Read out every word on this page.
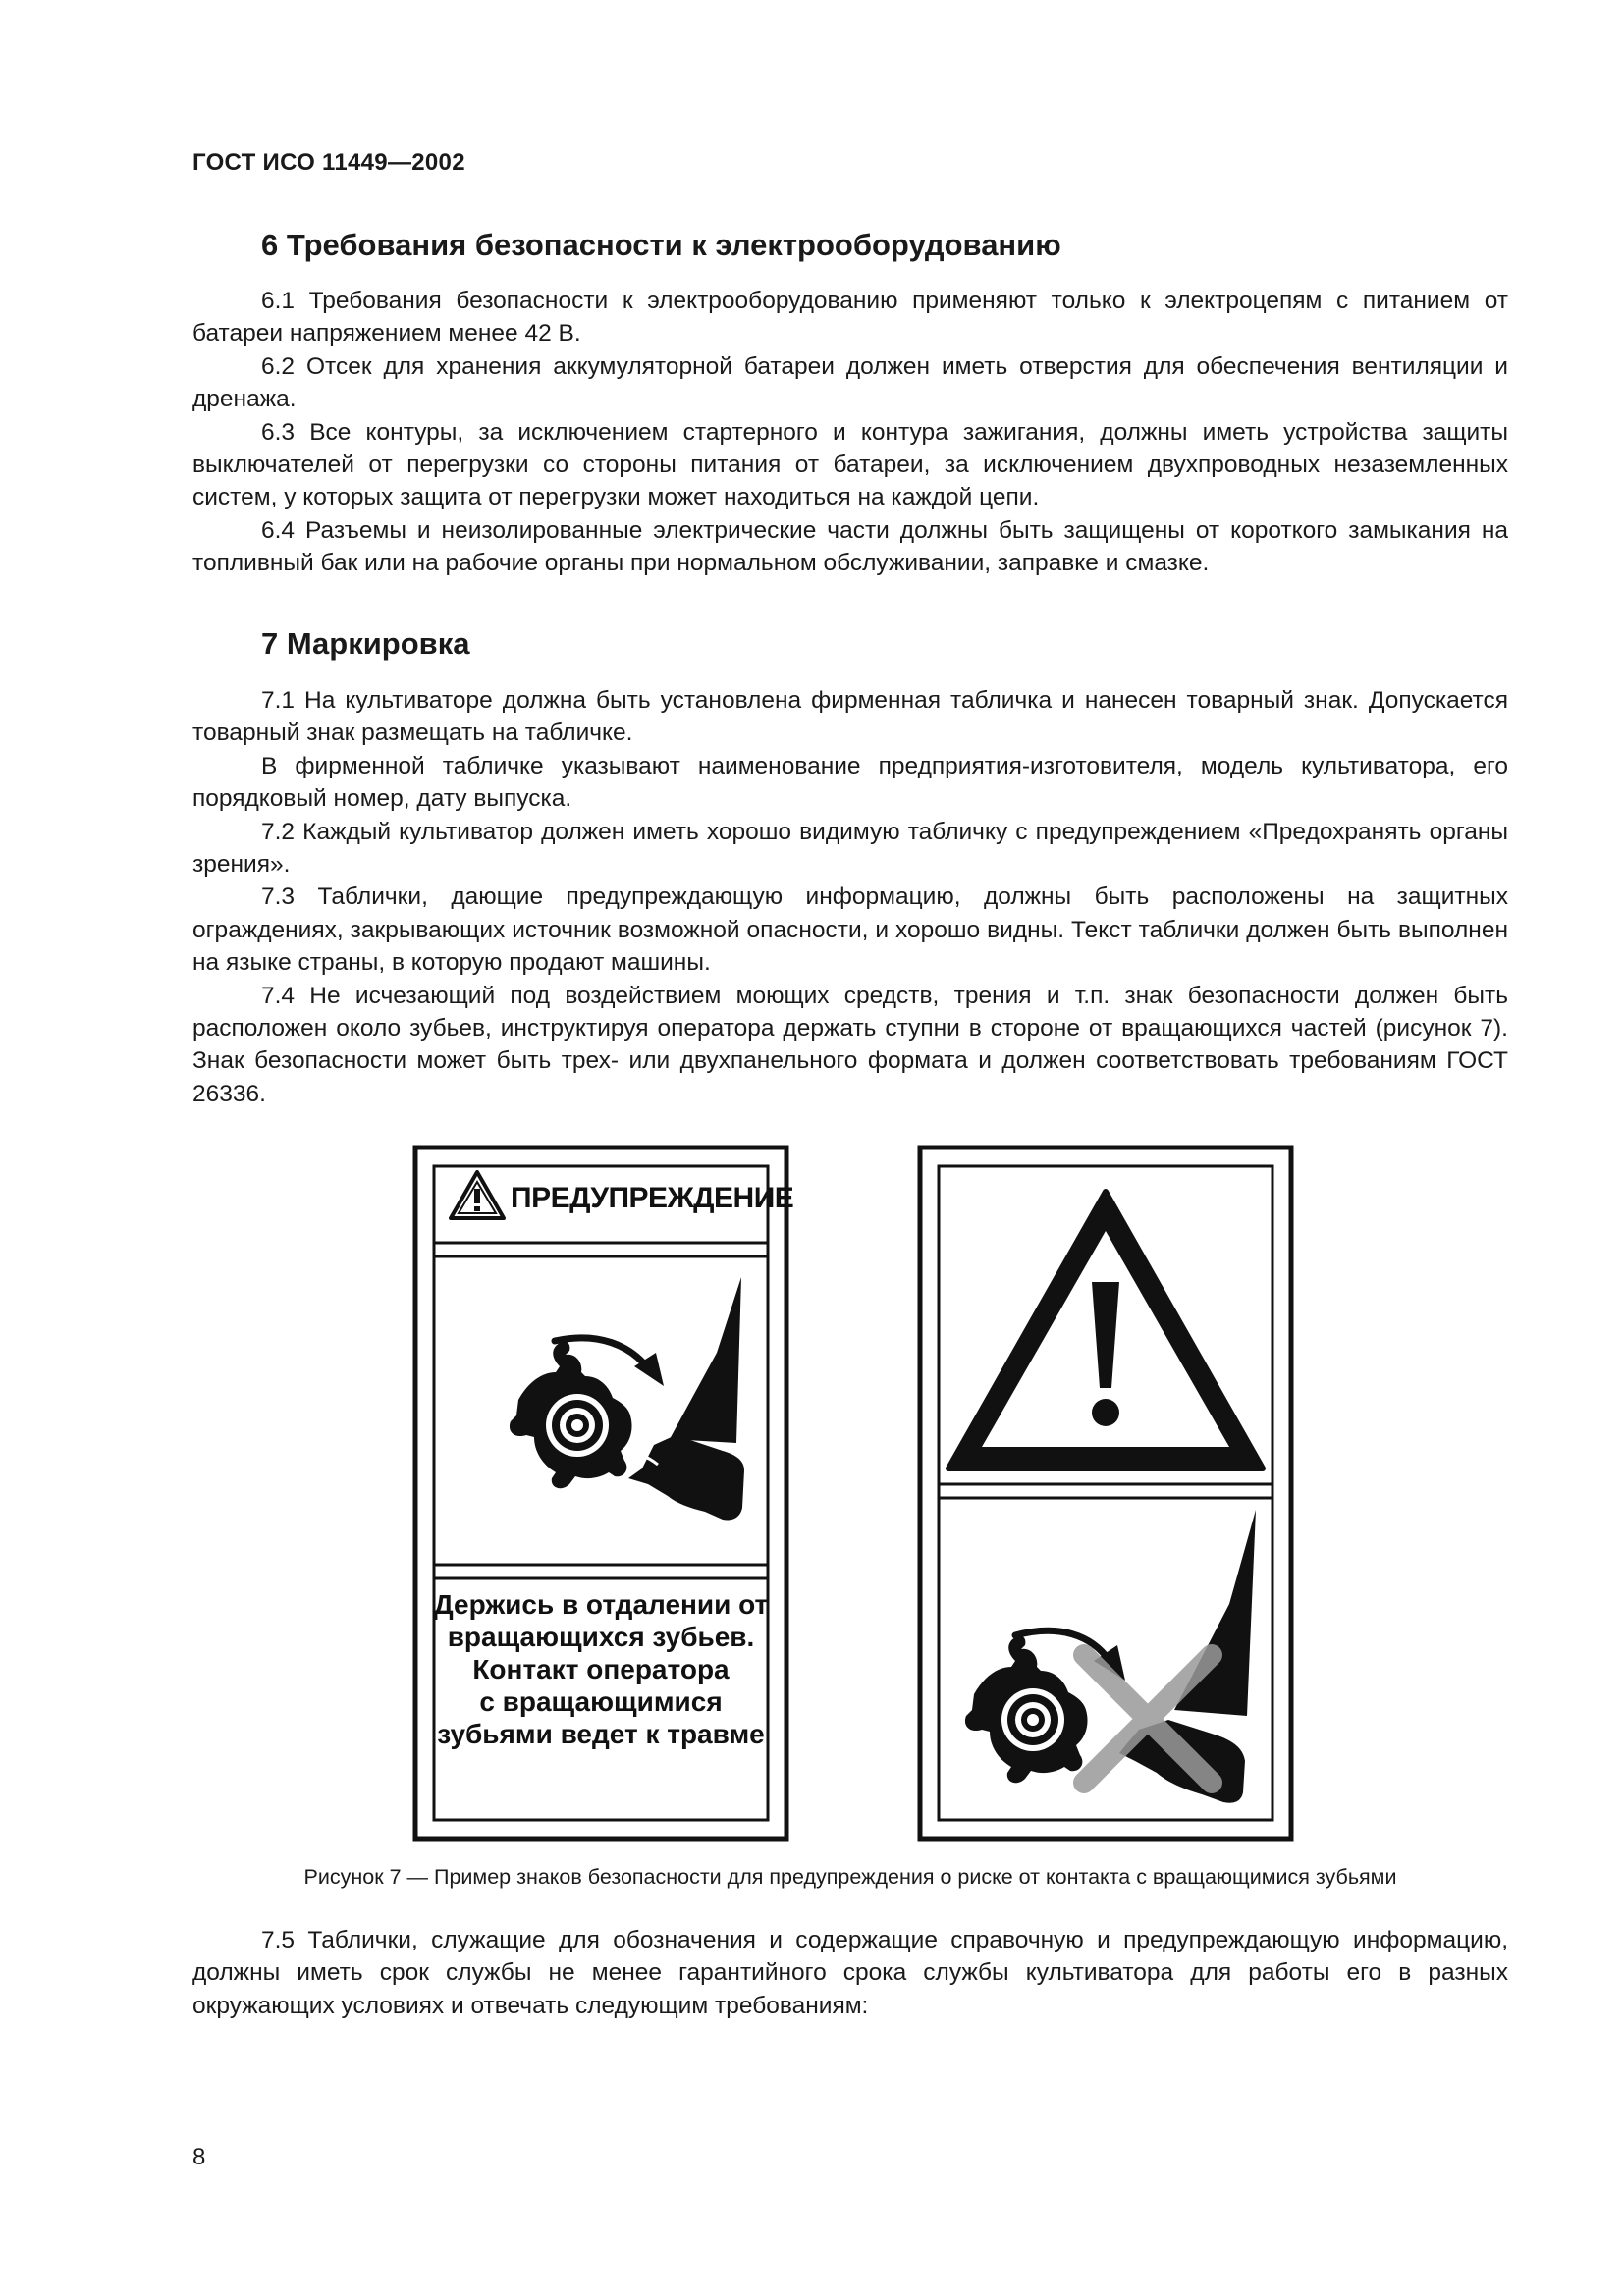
ГОСТ ИСО 11449—2002
6 Требования безопасности к электрооборудованию

6.1 Требования безопасности к электрооборудованию применяют только к электроцепям с питанием от батареи напряжением менее 42 В.

6.2 Отсек для хранения аккумуляторной батареи должен иметь отверстия для обеспечения вентиляции и дренажа.

6.3 Все контуры, за исключением стартерного и контура зажигания, должны иметь устройства защиты выключателей от перегрузки со стороны питания от батареи, за исключением двухпроводных незаземленных систем, у которых защита от перегрузки может находиться на каждой цепи.

6.4 Разъемы и неизолированные электрические части должны быть защищены от короткого замыкания на топливный бак или на рабочие органы при нормальном обслуживании, заправке и смазке.

7 Маркировка

7.1 На культиваторе должна быть установлена фирменная табличка и нанесен товарный знак. Допускается товарный знак размещать на табличке.

В фирменной табличке указывают наименование предприятия-изготовителя, модель культиватора, его порядковый номер, дату выпуска.

7.2 Каждый культиватор должен иметь хорошо видимую табличку с предупреждением «Предохранять органы зрения».

7.3 Таблички, дающие предупреждающую информацию, должны быть расположены на защитных ограждениях, закрывающих источник возможной опасности, и хорошо видны. Текст таблички должен быть выполнен на языке страны, в которую продают машины.

7.4 Не исчезающий под воздействием моющих средств, трения и т.п. знак безопасности должен быть расположен около зубьев, инструктируя оператора держать ступни в стороне от вращающихся частей (рисунок 7). Знак безопасности может быть трех- или двухпанельного формата и должен соответствовать требованиям ГОСТ 26336.

Рисунок 7 — Пример знаков безопасности для предупреждения о риске от контакта с вращающимися зубьями

7.5 Таблички, служащие для обозначения и содержащие справочную и предупреждающую информацию, должны иметь срок службы не менее гарантийного срока службы культиватора для работы его в разных окружающих условиях и отвечать следующим требованиям:

ПРЕДУПРЕЖДЕНИЕ
Держись в отдалении от
вращающихся зубьев.
Контакт оператора
с вращающимися
зубьями ведет к травме
8
